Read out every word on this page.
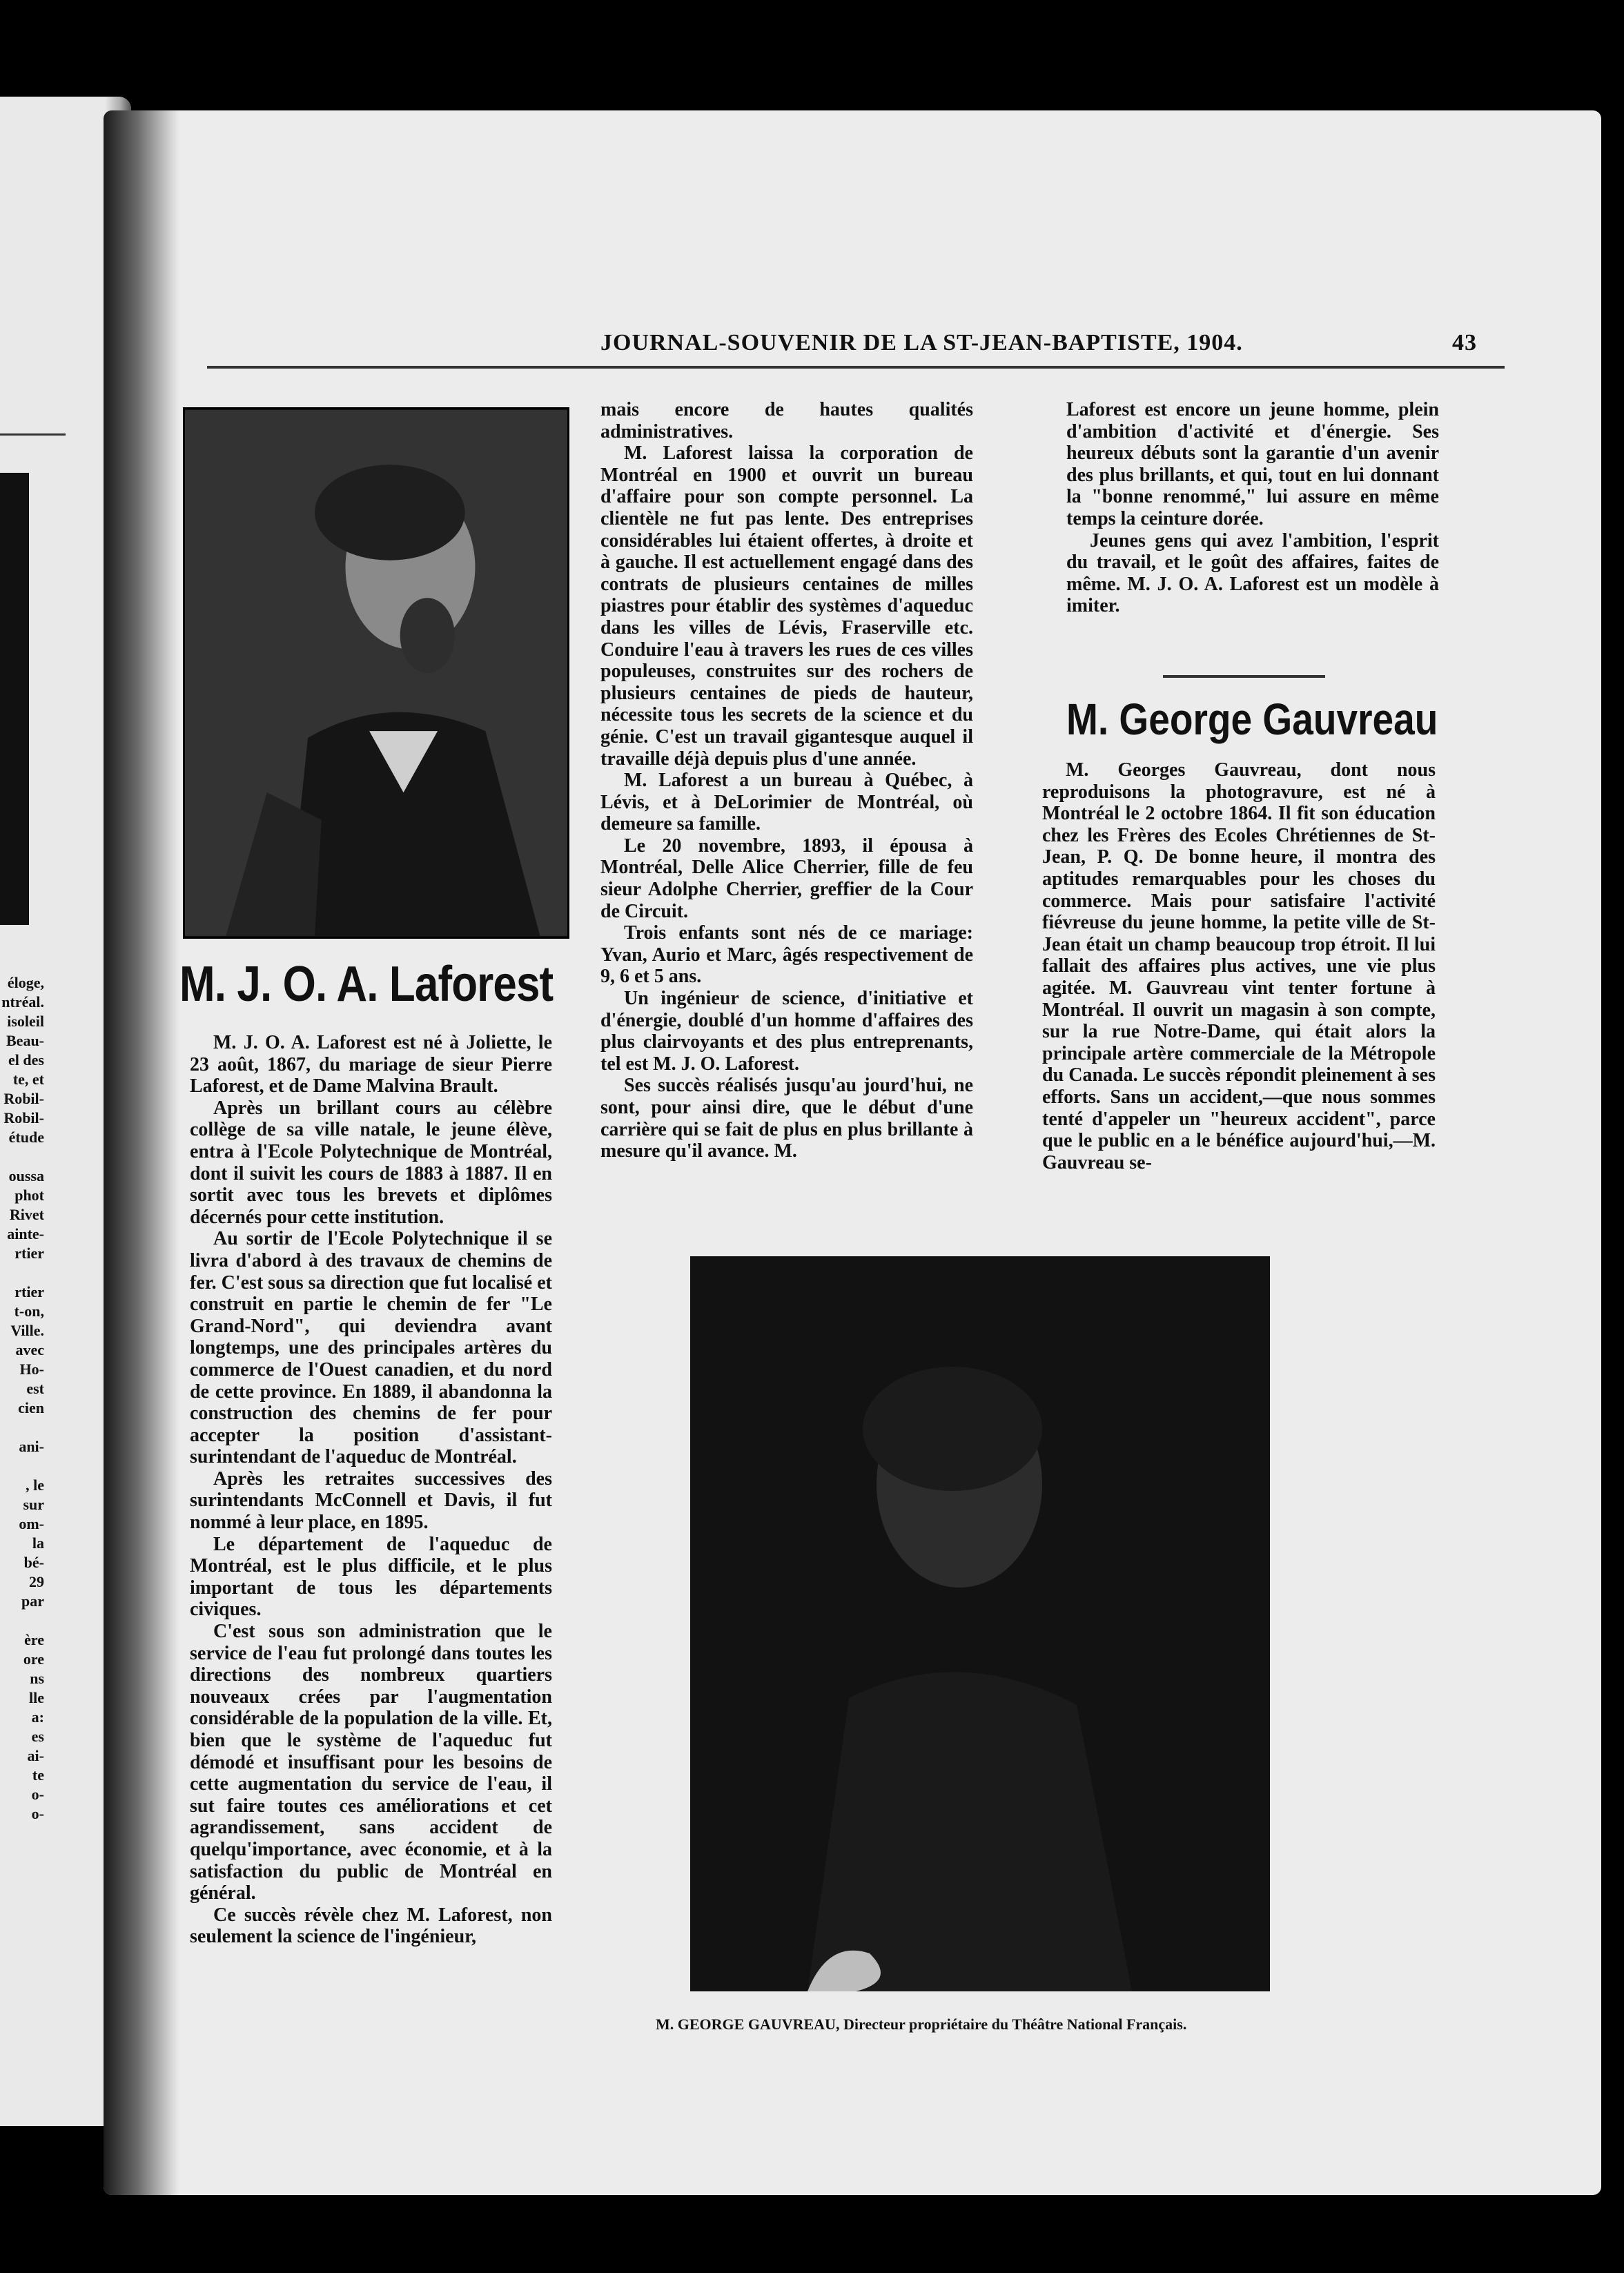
éloge,
ntréal.
isoleil
Beau-
el des
te, et
Robil-
Robil-
étude

oussa
phot
Rivet
ainte-
rtier

rtier
t-on,
Ville.
avec
Ho-
est
cien

ani-

, le
sur
om-
la
bé-
29
par

ère
ore
ns
lle
a:
es
ai-
te
o-
o-
JOURNAL-SOUVENIR DE LA ST-JEAN-BAPTISTE, 1904.	43
M. J. O. A. Laforest

M. J. O. A. Laforest est né à Joliette, le 23 août, 1867, du mariage de sieur Pierre Laforest, et de Dame Malvina Brault.

Après un brillant cours au célèbre collège de sa ville natale, le jeune élève, entra à l'Ecole Polytechnique de Montréal, dont il suivit les cours de 1883 à 1887. Il en sortit avec tous les brevets et diplômes décernés pour cette institution.

Au sortir de l'Ecole Polytechnique il se livra d'abord à des travaux de chemins de fer. C'est sous sa direction que fut localisé et construit en partie le chemin de fer "Le Grand-Nord", qui deviendra avant longtemps, une des principales artères du commerce de l'Ouest canadien, et du nord de cette province. En 1889, il abandonna la construction des chemins de fer pour accepter la position d'assistant-surintendant de l'aqueduc de Montréal.

Après les retraites successives des surintendants McConnell et Davis, il fut nommé à leur place, en 1895.

Le département de l'aqueduc de Montréal, est le plus difficile, et le plus important de tous les départements civiques.

C'est sous son administration que le service de l'eau fut prolongé dans toutes les directions des nombreux quartiers nouveaux crées par l'augmentation considérable de la population de la ville. Et, bien que le système de l'aqueduc fut démodé et insuffisant pour les besoins de cette augmentation du service de l'eau, il sut faire toutes ces améliorations et cet agrandissement, sans accident de quelqu'importance, avec économie, et à la satisfaction du public de Montréal en général.

Ce succès révèle chez M. Laforest, non seulement la science de l'ingénieur,

mais encore de hautes qualités administratives.

M. Laforest laissa la corporation de Montréal en 1900 et ouvrit un bureau d'affaire pour son compte personnel. La clientèle ne fut pas lente. Des entreprises considérables lui étaient offertes, à droite et à gauche. Il est actuellement engagé dans des contrats de plusieurs centaines de milles piastres pour établir des systèmes d'aqueduc dans les villes de Lévis, Fraserville etc. Conduire l'eau à travers les rues de ces villes populeuses, construites sur des rochers de plusieurs centaines de pieds de hauteur, nécessite tous les secrets de la science et du génie. C'est un travail gigantesque auquel il travaille déjà depuis plus d'une année.

M. Laforest a un bureau à Québec, à Lévis, et à DeLorimier de Montréal, où demeure sa famille.

Le 20 novembre, 1893, il épousa à Montréal, Delle Alice Cherrier, fille de feu sieur Adolphe Cherrier, greffier de la Cour de Circuit.

Trois enfants sont nés de ce mariage: Yvan, Aurio et Marc, âgés respectivement de 9, 6 et 5 ans.

Un ingénieur de science, d'initiative et d'énergie, doublé d'un homme d'affaires des plus clairvoyants et des plus entreprenants, tel est M. J. O. Laforest.

Ses succès réalisés jusqu'au jourd'hui, ne sont, pour ainsi dire, que le début d'une carrière qui se fait de plus en plus brillante à mesure qu'il avance. M.

Laforest est encore un jeune homme, plein d'ambition d'activité et d'énergie. Ses heureux débuts sont la garantie d'un avenir des plus brillants, et qui, tout en lui donnant la "bonne renommé," lui assure en même temps la ceinture dorée.

Jeunes gens qui avez l'ambition, l'esprit du travail, et le goût des affaires, faites de même. M. J. O. A. Laforest est un modèle à imiter.

M. George Gauvreau

M. Georges Gauvreau, dont nous reproduisons la photogravure, est né à Montréal le 2 octobre 1864. Il fit son éducation chez les Frères des Ecoles Chrétiennes de St-Jean, P. Q. De bonne heure, il montra des aptitudes remarquables pour les choses du commerce. Mais pour satisfaire l'activité fiévreuse du jeune homme, la petite ville de St-Jean était un champ beaucoup trop étroit. Il lui fallait des affaires plus actives, une vie plus agitée. M. Gauvreau vint tenter fortune à Montréal. Il ouvrit un magasin à son compte, sur la rue Notre-Dame, qui était alors la principale artère commerciale de la Métropole du Canada. Le succès répondit pleinement à ses efforts. Sans un accident,—que nous sommes tenté d'appeler un "heureux accident", parce que le public en a le bénéfice aujourd'hui,—M. Gauvreau se-

M. GEORGE GAUVREAU, Directeur propriétaire du Théâtre National Français.
